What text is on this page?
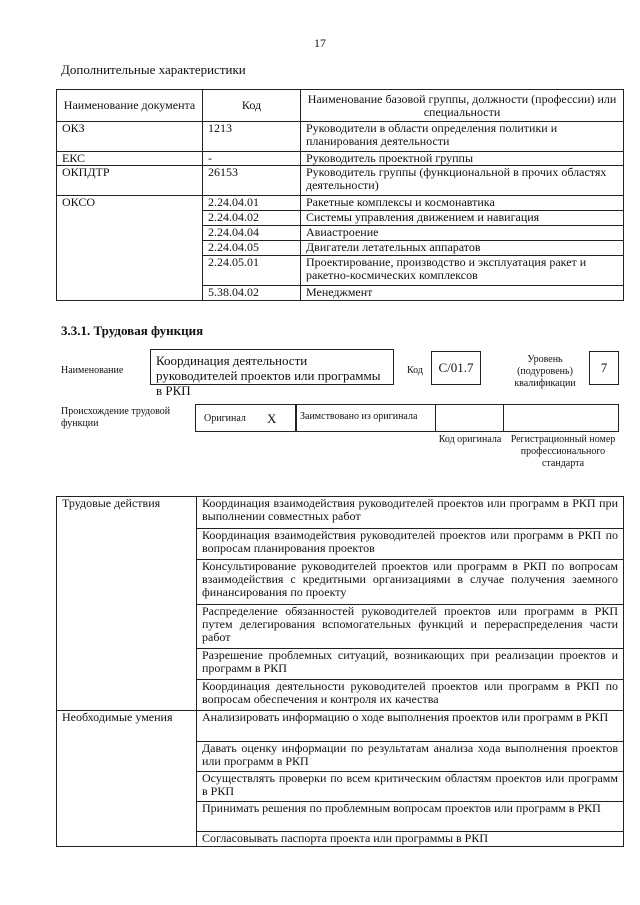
17
Дополнительные характеристики
Наименование документа	Код	Наименование базовой группы, должности (профессии) или специальности
ОКЗ	1213	Руководители в области определения политики и планирования деятельности
ЕКС	-	Руководитель проектной группы
ОКПДТР	26153	Руководитель группы (функциональной в прочих областях деятельности)
ОКСО	2.24.04.01	Ракетные комплексы и космонавтика
	2.24.04.02	Системы управления движением и навигация
	2.24.04.04	Авиастроение
	2.24.04.05	Двигатели летательных аппаратов
	2.24.05.01	Проектирование, производство и эксплуатация ракет и ракетно-космических комплексов
	5.38.04.02	Менеджмент
3.3.1. Трудовая функция
Наименование
Координация деятельности руководителей проектов или программы в РКП
Код	С/01.7
Уровень (подуровень) квалификации
7
Происхождение трудовой функции	Оригинал Х	Заимствовано из оригинала
Код оригинала Регистрационный номер профессионального стандарта
Трудовые действия	Координация взаимодействия руководителей проектов или программ в РКП при выполнении совместных работ
	Координация взаимодействия руководителей проектов или программ в РКП по вопросам планирования проектов
	Консультирование руководителей проектов или программ в РКП по вопросам взаимодействия с кредитными организациями в случае получения заемного финансирования по проекту
	Распределение обязанностей руководителей проектов или программ в РКП путем делегирования вспомогательных функций и перераспределения части работ
	Разрешение проблемных ситуаций, возникающих при реализации проектов и программ в РКП
	Координация деятельности руководителей проектов или программ в РКП по вопросам обеспечения и контроля их качества
Необходимые умения	Анализировать информацию о ходе выполнения проектов или программ в РКП
	Давать оценку информации по результатам анализа хода выполнения проектов или программ в РКП
	Осуществлять проверки по всем критическим областям проектов или программ в РКП
	Принимать решения по проблемным вопросам проектов или программ в РКП
	Согласовывать паспорта проекта или программы в РКП
